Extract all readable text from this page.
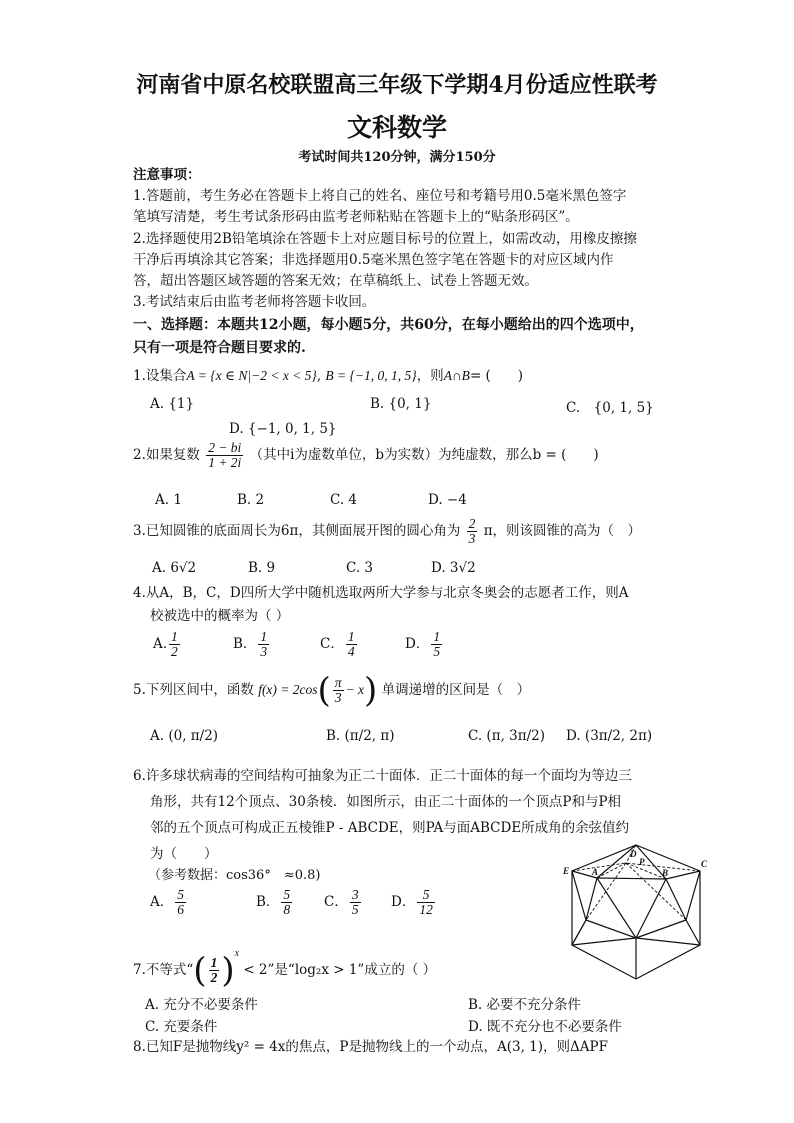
河南省中原名校联盟高三年级下学期4月份适应性联考
文科数学
考试时间共120分钟，满分150分
注意事项：
1.答题前，考生务必在答题卡上将自己的姓名、座位号和考籍号用0.5毫米黑色签字
笔填写清楚，考生考试条形码由监考老师粘贴在答题卡上的“贴条形码区”。
2.选择题使用2B铅笔填涂在答题卡上对应题目标号的位置上，如需改动，用橡皮擦擦
干净后再填涂其它答案；非选择题用0.5毫米黑色签字笔在答题卡的对应区域内作
答，超出答题区域答题的答案无效；在草稿纸上、试卷上答题无效。
3.考试结束后由监考老师将答题卡收回。
一、选择题：本题共12小题，每小题5分，共60分，在每小题给出的四个选项中，
只有一项是符合题目要求的.
1.设集合A = {x ∈ N|−2 < x < 5}, B = {−1, 0, 1, 5}，则A∩B= (　　)
A. {1}	B. {0, 1}	C.　{0, 1, 5}
D. {−1, 0, 1, 5}
2.如果复数 $\frac{2 - bi}{1 + 2i}$ （其中i为虚数单位，b为实数）为纯虚数，那么b = (　　)
A. 1	B. 2	C. 4	D. −4
3.已知圆锥的底面周长为6π，其侧面展开图的圆心角为 $\frac{2}{3}$ π，则该圆锥的高为（　）
A. 6√2	B. 9	C. 3	D. 3√2
4.从A，B，C，D四所大学中随机选取两所大学参与北京冬奥会的志愿者工作，则A
校被选中的概率为（ ）
A. $\frac{1}{2}$	B． $\frac{1}{3}$	C． $\frac{1}{4}$	D． $\frac{1}{5}$
5.下列区间中，函数 $f(x) = 2\cos( \frac{\pi}{3} - x)$ 单调递增的区间是（　）
A. (0, π/2)	B. (π/2, π)	C. (π, 3π/2) D. (3π/2, 2π)
6.许多球状病毒的空间结构可抽象为正二十面体．正二十面体的每一个面均为等边三
角形，共有12个顶点、30条棱．如图所示，由正二十面体的一个顶点P和与P相
邻的五个顶点可构成正五棱锥P - ABCDE，则PA与面ABCDE所成角的余弦值约
为（　　）
（参考数据：cos36°　≈0.8)
A． $\frac{5}{6}$	B． $\frac{5}{8}$ C． $\frac{3}{5}$ D． $\frac{5}{12}$
E	A
D
P
B
C
7.不等式“( $\frac{1}{2} )^x < 2$”是“log₂x > 1”成立的（ ）
A. 充分不必要条件	B. 必要不充分条件
C. 充要条件	D. 既不充分也不必要条件
8.已知F是抛物线y² = 4x的焦点，P是抛物线上的一个动点，A(3, 1)，则ΔAPF
